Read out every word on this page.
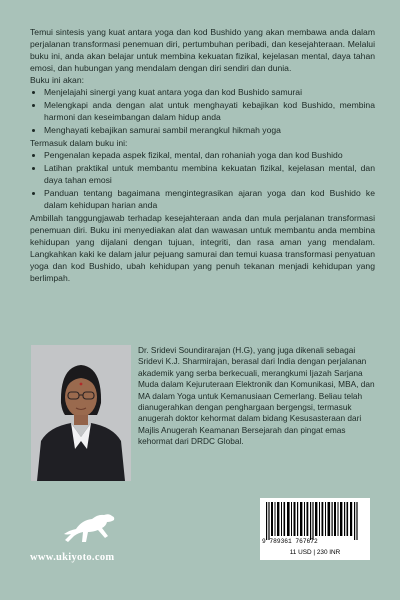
Temui sintesis yang kuat antara yoga dan kod Bushido yang akan membawa anda dalam perjalanan transformasi penemuan diri, pertumbuhan peribadi, dan kesejahteraan. Melalui buku ini, anda akan belajar untuk membina kekuatan fizikal, kejelasan mental, daya tahan emosi, dan hubungan yang mendalam dengan diri sendiri dan dunia.

Buku ini akan:

• Menjelajahi sinergi yang kuat antara yoga dan kod Bushido samurai
• Melengkapi anda dengan alat untuk menghayati kebajikan kod Bushido, membina harmoni dan keseimbangan dalam hidup anda
• Menghayati kebajikan samurai sambil merangkul hikmah yoga

Termasuk dalam buku ini:

• Pengenalan kepada aspek fizikal, mental, dan rohaniah yoga dan kod Bushido
• Latihan praktikal untuk membantu membina kekuatan fizikal, kejelasan mental, dan daya tahan emosi
• Panduan tentang bagaimana mengintegrasikan ajaran yoga dan kod Bushido ke dalam kehidupan harian anda

Ambillah tanggungjawab terhadap kesejahteraan anda dan mula perjalanan transformasi penemuan diri. Buku ini menyediakan alat dan wawasan untuk membantu anda membina kehidupan yang dijalani dengan tujuan, integriti, dan rasa aman yang mendalam. Langkahkan kaki ke dalam jalur pejuang samurai dan temui kuasa transformasi penyatuan yoga dan kod Bushido, ubah kehidupan yang penuh tekanan menjadi kehidupan yang berlimpah.

Dr. Sridevi Soundirarajan (H.G), yang juga dikenali sebagai Sridevi K.J. Sharmirajan, berasal dari India dengan perjalanan akademik yang serba berkecuali, merangkumi Ijazah Sarjana Muda dalam Kejuruteraan Elektronik dan Komunikasi, MBA, dan MA dalam Yoga untuk Kemanusiaan Cemerlang. Beliau telah dianugerahkan dengan penghargaan bergengsi, termasuk anugerah doktor kehormat dalam bidang Kesusasteraan dari Majlis Anugerah Keamanan Bersejarah dan pingat emas kehormat dari DRDC Global.
www.ukiyoto.com
9 789361 767672
11 USD | 230 INR
